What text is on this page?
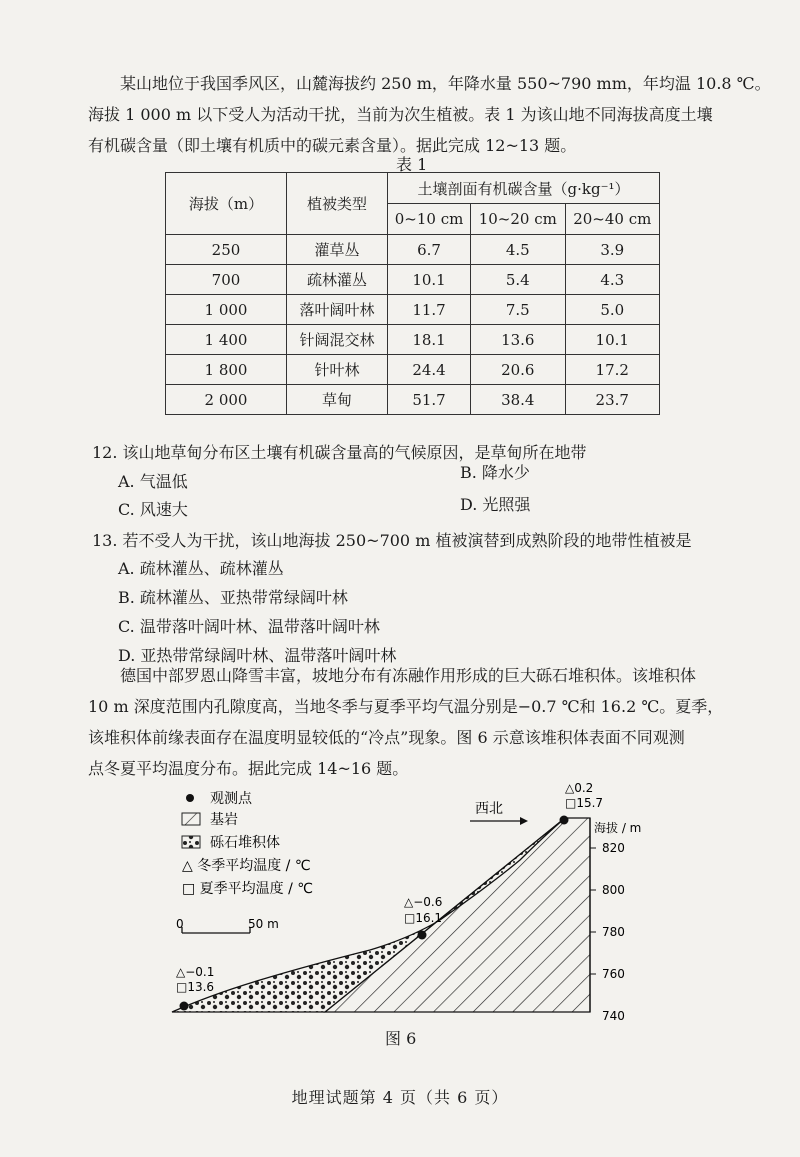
某山地位于我国季风区，山麓海拔约 250 m，年降水量 550~790 mm，年均温 10.8 ℃。
海拔 1 000 m 以下受人为活动干扰，当前为次生植被。表 1 为该山地不同海拔高度土壤
有机碳含量（即土壤有机质中的碳元素含量）。据此完成 12~13 题。
表 1
海拔（m）	植被类型	土壤剖面有机碳含量（g·kg⁻¹）		
		0~10 cm	10~20 cm	20~40 cm
250	灌草丛	6.7	4.5	3.9
700	疏林灌丛	10.1	5.4	4.3
1 000	落叶阔叶林	11.7	7.5	5.0
1 400	针阔混交林	18.1	13.6	10.1
1 800	针叶林	24.4	20.6	17.2
2 000	草甸	51.7	38.4	23.7
12. 该山地草甸分布区土壤有机碳含量高的气候原因，是草甸所在地带
A. 气温低	B. 降水少
C. 风速大	D. 光照强
13. 若不受人为干扰，该山地海拔 250~700 m 植被演替到成熟阶段的地带性植被是
A. 疏林灌丛、疏林灌丛
B. 疏林灌丛、亚热带常绿阔叶林
C. 温带落叶阔叶林、温带落叶阔叶林
D. 亚热带常绿阔叶林、温带落叶阔叶林
德国中部罗恩山降雪丰富，坡地分布有冻融作用形成的巨大砾石堆积体。该堆积体
10 m 深度范围内孔隙度高，当地冬季与夏季平均气温分别是−0.7 ℃和 16.2 ℃。夏季，
该堆积体前缘表面存在温度明显较低的“冷点”现象。图 6 示意该堆积体表面不同观测
点冬夏平均温度分布。据此完成 14~16 题。
观测点
基岩
砾石堆积体
△ 冬季平均温度 / ℃
□ 夏季平均温度 / ℃
0	50 m
西北
海拔 / m
820
800
780
760
740
△−0.1
□13.6
△−0.6
□16.1
△0.2
□15.7
图 6
地理试题第 4 页（共 6 页）
